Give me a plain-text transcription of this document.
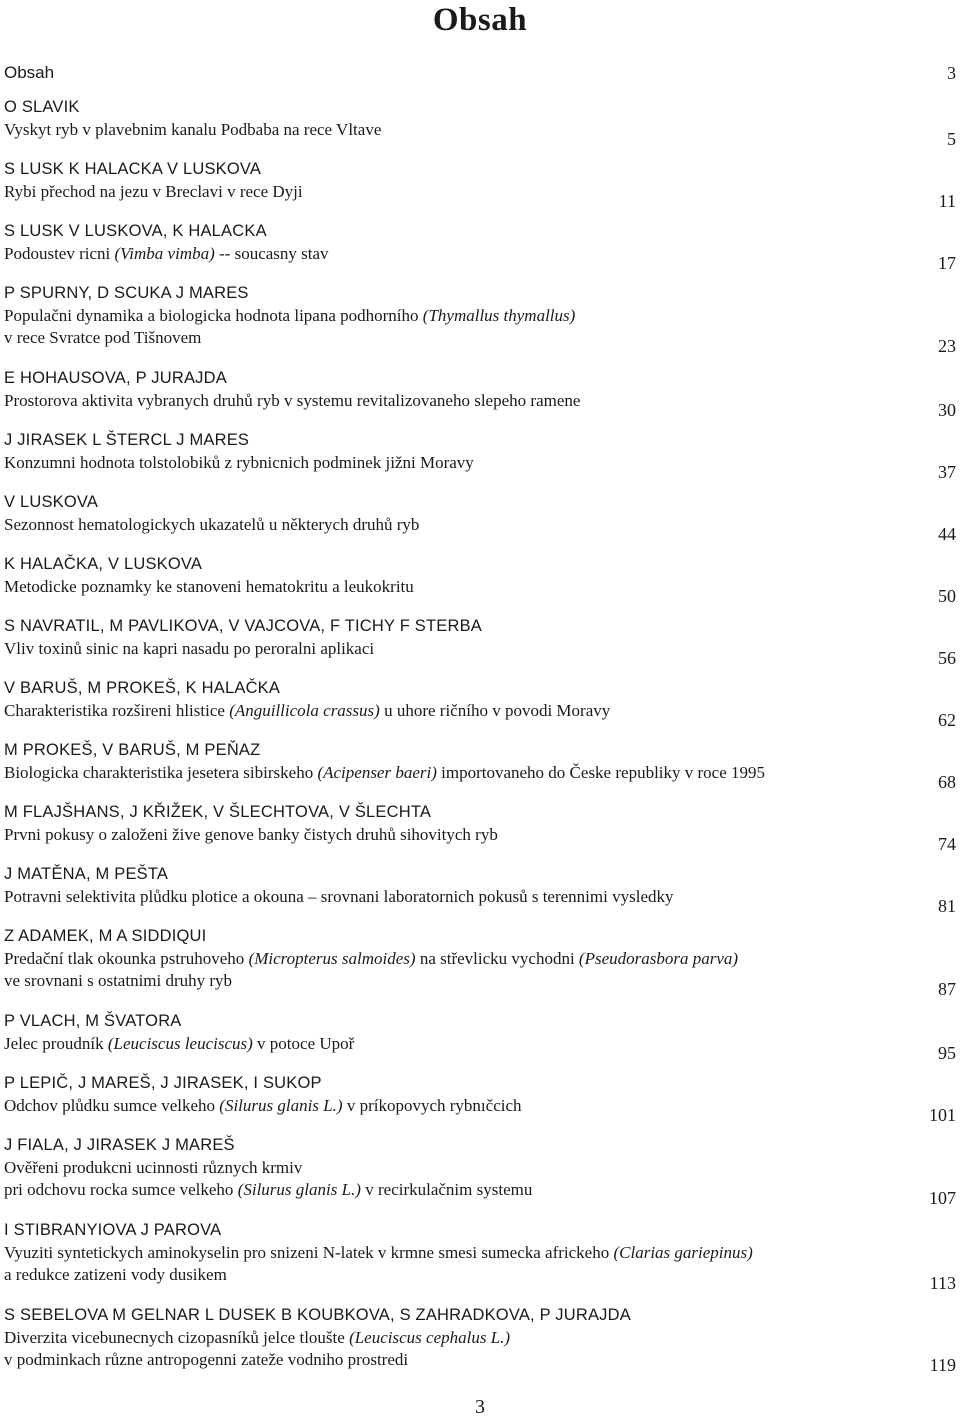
Obsah
Obsah	3
O SLAVIK
Vyskyt ryb v plavebnim kanalu Podbaba na rece Vltave	5
S LUSK K HALACKA V LUSKOVA
Rybi přechod na jezu v Breclavi v rece Dyji	11
S LUSK V LUSKOVA, K HALACKA
Podoustev ricni (Vimba vimba) -- soucasny stav	17
P SPURNY, D SCUKA J MARES
Populačni dynamika a biologicka hodnota lipana podhorního (Thymallus thymallus)
v rece Svratce pod Tišnovem	23
E HOHAUSOVA, P JURAJDA
Prostorova aktivita vybranych druhů ryb v systemu revitalizovaneho slepeho ramene	30
J JIRASEK L ŠTERCL J MARES
Konzumni hodnota tolstolobiků z rybnicnich podminek jižni Moravy	37
V LUSKOVA
Sezonnost hematologickych ukazatelů u některych druhů ryb	44
K HALAČKA, V LUSKOVA
Metodicke poznamky ke stanoveni hematokritu a leukokritu	50
S NAVRATIL, M PAVLIKOVA, V VAJCOVA, F TICHY F STERBA
Vliv toxinů sinic na kapri nasadu po peroralni aplikaci	56
V BARUŠ, M PROKEŠ, K HALAČKA
Charakteristika rozšireni hlistice (Anguillicola crassus) u uhore ričního v povodi Moravy	62
M PROKEŠ, V BARUŠ, M PEŇAZ
Biologicka charakteristika jesetera sibirskeho (Acipenser baeri) importovaneho do Česke republiky v roce 1995	68
M FLAJŠHANS, J KŘIŽEK, V ŠLECHTOVA, V ŠLECHTA
Prvni pokusy o založeni žive genove banky čistych druhů sihovitych ryb	74
J MATĚNA, M PEŠTA
Potravni selektivita plůdku plotice a okouna – srovnani laboratornich pokusů s terennimi vysledky	81
Z ADAMEK, M A SIDDIQUI
Predační tlak okounka pstruhoveho (Micropterus salmoides) na střevlicku vychodni (Pseudorasbora parva)
ve srovnani s ostatnimi druhy ryb	87
P VLACH, M ŠVATORA
Jelec proudník (Leuciscus leuciscus) v potoce Upoř	95
P LEPIČ, J MAREŠ, J JIRASEK, I SUKOP
Odchov plůdku sumce velkeho (Silurus glanis L.) v príkopovych rybnıčcich	101
J FIALA, J JIRASEK J MAREŠ
Ověřeni produkcni ucinnosti různych krmiv
pri odchovu rocka sumce velkeho (Silurus glanis L.) v recirkulačnim systemu	107
I STIBRANYIOVA J PAROVA
Vyuziti syntetickych aminokyselin pro snizeni N-latek v krmne smesi sumecka africkeho (Clarias gariepinus)
a redukce zatizeni vody dusikem	113
S SEBELOVA M GELNAR L DUSEK B KOUBKOVA, S ZAHRADKOVA, P JURAJDA
Diverzita vicebunecnych cizopasníků jelce tloušte (Leuciscus cephalus L.)
v podminkach různe antropogenni zateže vodniho prostredi	119
3
